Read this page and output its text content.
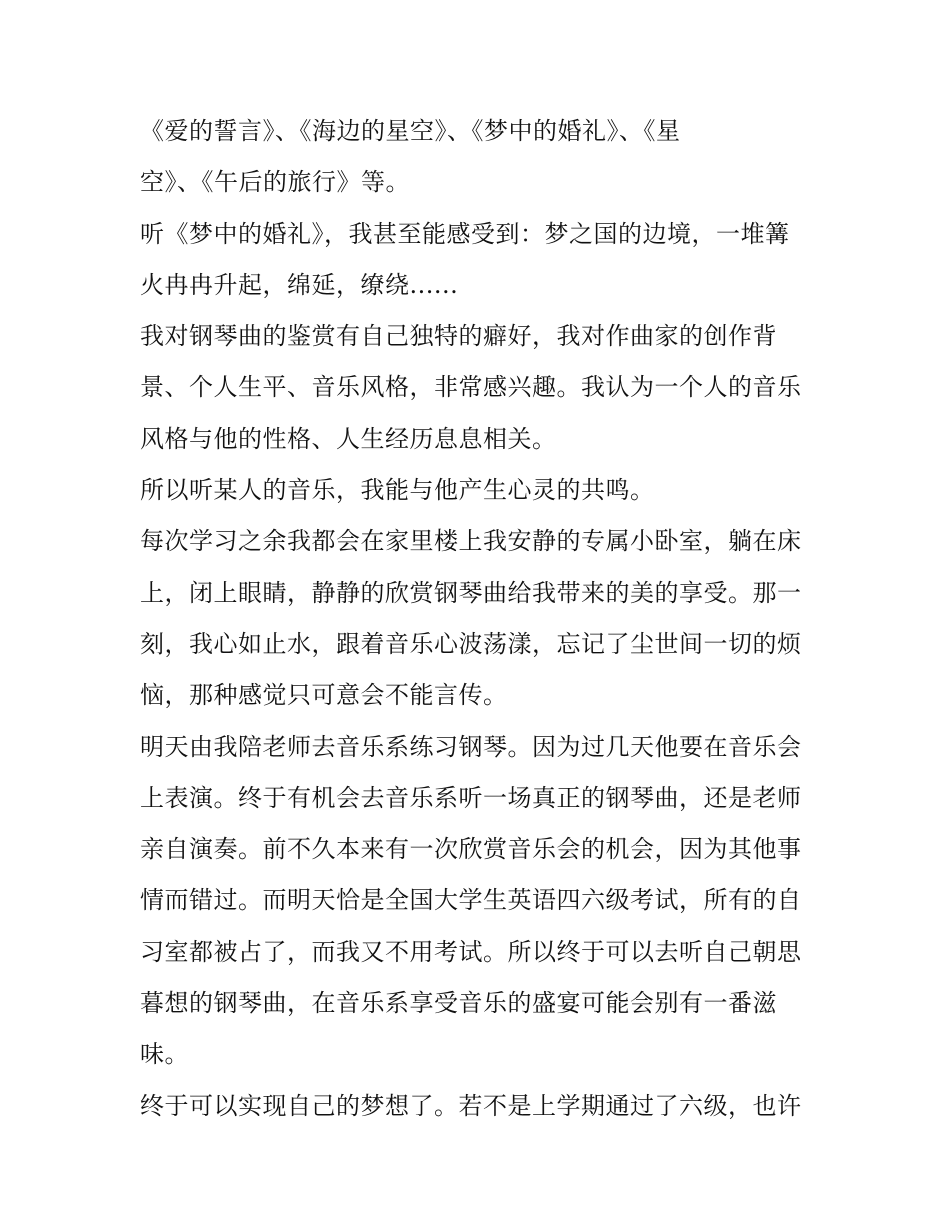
《爱的誓言》、《海边的星空》、《梦中的婚礼》、《星
空》、《午后的旅行》等。
听《梦中的婚礼》，我甚至能感受到：梦之国的边境，一堆篝
火冉冉升起，绵延，缭绕......
我对钢琴曲的鉴赏有自己独特的癖好，我对作曲家的创作背
景、个人生平、音乐风格，非常感兴趣。我认为一个人的音乐
风格与他的性格、人生经历息息相关。
所以听某人的音乐，我能与他产生心灵的共鸣。
每次学习之余我都会在家里楼上我安静的专属小卧室，躺在床
上，闭上眼睛，静静的欣赏钢琴曲给我带来的美的享受。那一
刻，我心如止水，跟着音乐心波荡漾，忘记了尘世间一切的烦
恼，那种感觉只可意会不能言传。
明天由我陪老师去音乐系练习钢琴。因为过几天他要在音乐会
上表演。终于有机会去音乐系听一场真正的钢琴曲，还是老师
亲自演奏。前不久本来有一次欣赏音乐会的机会，因为其他事
情而错过。而明天恰是全国大学生英语四六级考试，所有的自
习室都被占了，而我又不用考试。所以终于可以去听自己朝思
暮想的钢琴曲，在音乐系享受音乐的盛宴可能会别有一番滋
味。
终于可以实现自己的梦想了。若不是上学期通过了六级，也许
